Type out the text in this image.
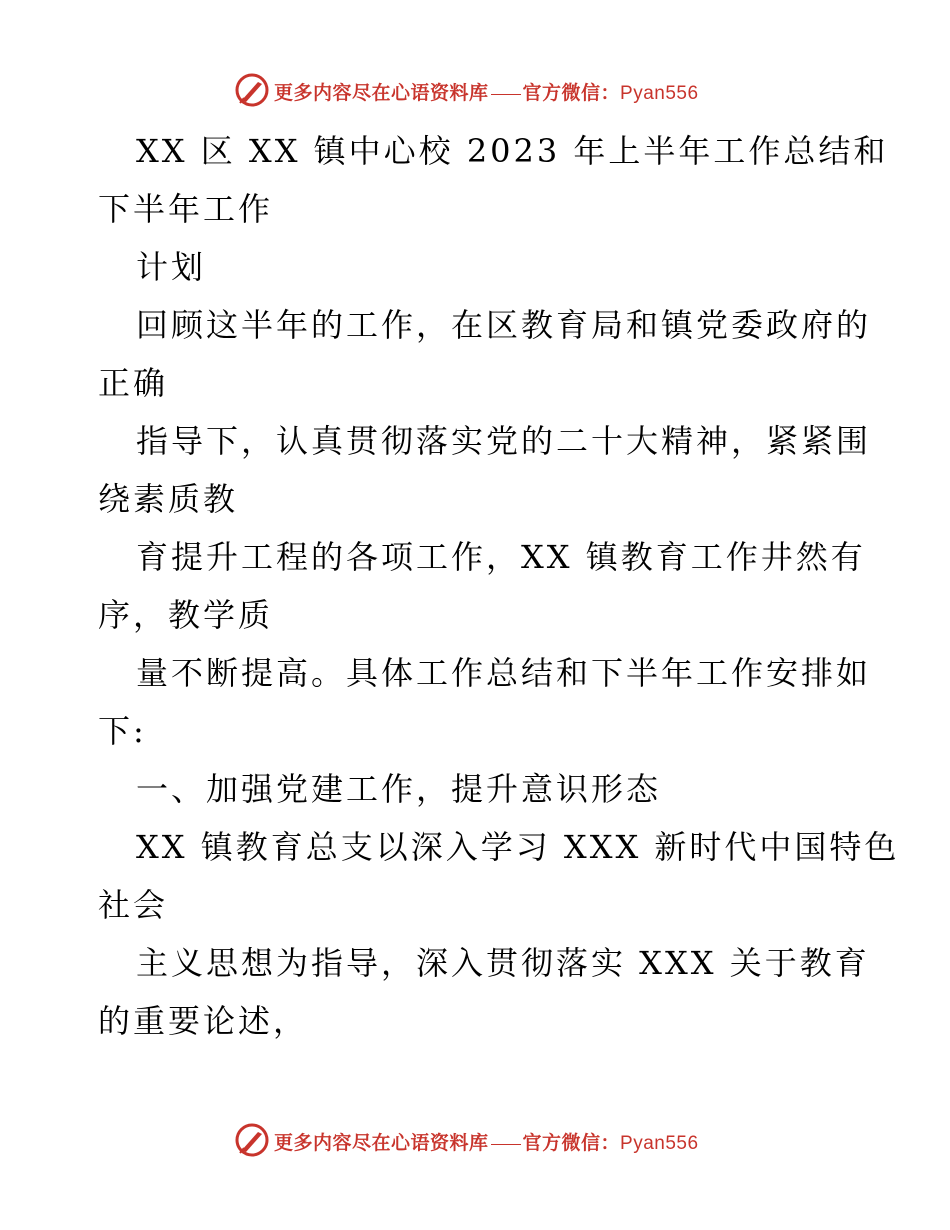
更多内容尽在心语资料库 官方微信：Pyan556
XX 区 XX 镇中心校 2023 年上半年工作总结和
下半年工作
计划
回顾这半年的工作，在区教育局和镇党委政府的
正确
指导下，认真贯彻落实党的二十大精神，紧紧围
绕素质教
育提升工程的各项工作，XX 镇教育工作井然有
序，教学质
量不断提高。具体工作总结和下半年工作安排如
下:
一、加强党建工作，提升意识形态
XX 镇教育总支以深入学习 XXX 新时代中国特色
社会
主义思想为指导，深入贯彻落实 XXX 关于教育
的重要论述，
更多内容尽在心语资料库 官方微信：Pyan556
